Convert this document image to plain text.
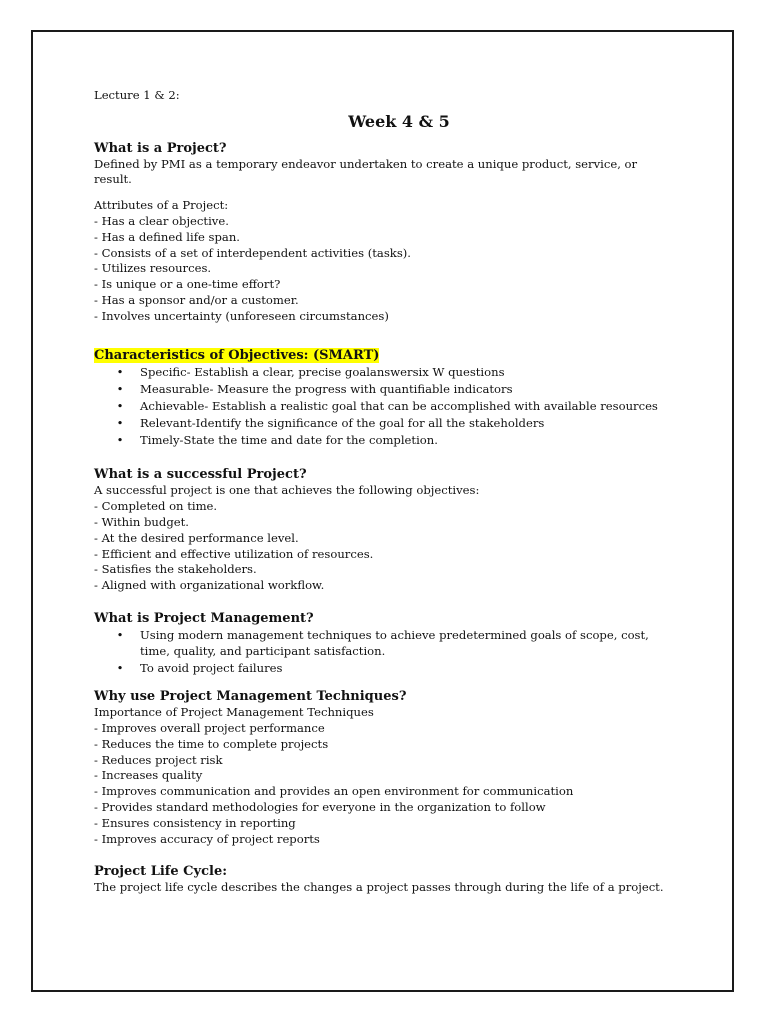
Lecture 1 & 2:

Week 4 & 5

What is a Project?

Defined by PMI as a temporary endeavor undertaken to create a unique product, service, or result.

Attributes of a Project:

- Has a clear objective.

- Has a defined life span.

- Consists of a set of interdependent activities (tasks).

- Utilizes resources.

- Is unique or a one-time effort?

- Has a sponsor and/or a customer.

- Involves uncertainty (unforeseen circumstances)

Characteristics of Objectives: (SMART)

• Specific- Establish a clear, precise goalanswersix W questions
• Measurable- Measure the progress with quantifiable indicators
• Achievable- Establish a realistic goal that can be accomplished with available resources
• Relevant-Identify the significance of the goal for all the stakeholders
• Timely-State the time and date for the completion.

What is a successful Project?

A successful project is one that achieves the following objectives:

- Completed on time.

- Within budget.

- At the desired performance level.

- Efficient and effective utilization of resources.

- Satisfies the stakeholders.

- Aligned with organizational workflow.

What is Project Management?

• Using modern management techniques to achieve predetermined goals of scope, cost, time, quality, and participant satisfaction.
• To avoid project failures

Why use Project Management Techniques?

Importance of Project Management Techniques

- Improves overall project performance

- Reduces the time to complete projects

- Reduces project risk

- Increases quality

- Improves communication and provides an open environment for communication

- Provides standard methodologies for everyone in the organization to follow

- Ensures consistency in reporting

- Improves accuracy of project reports

Project Life Cycle:

The project life cycle describes the changes a project passes through during the life of a project.
